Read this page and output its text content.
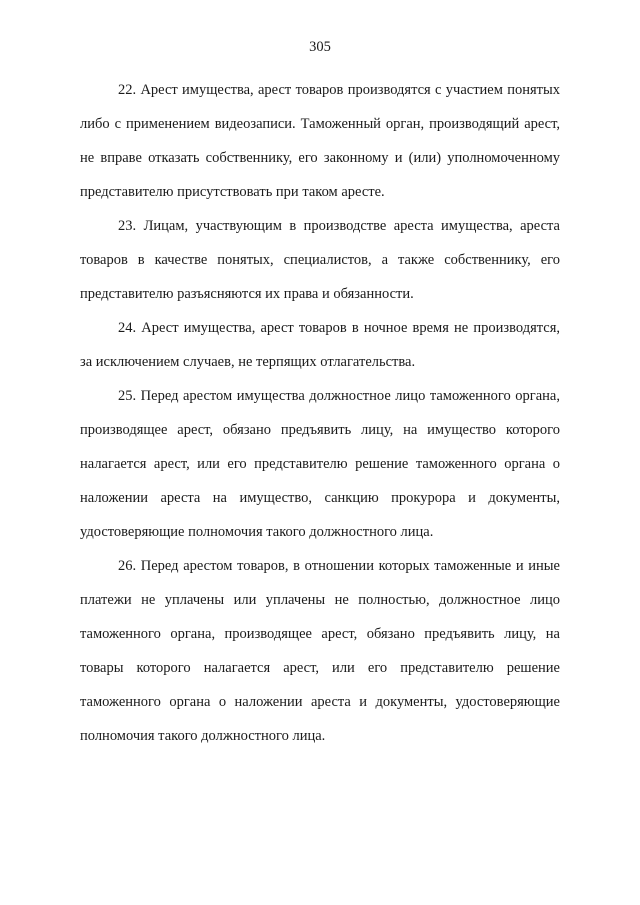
305

22. Арест имущества, арест товаров производятся с участием понятых либо с применением видеозаписи. Таможенный орган, производящий арест, не вправе отказать собственнику, его законному и (или) уполномоченному представителю присутствовать при таком аресте.

23. Лицам, участвующим в производстве ареста имущества, ареста товаров в качестве понятых, специалистов, а также собственнику, его представителю разъясняются их права и обязанности.

24. Арест имущества, арест товаров в ночное время не производятся, за исключением случаев, не терпящих отлагательства.

25. Перед арестом имущества должностное лицо таможенного органа, производящее арест, обязано предъявить лицу, на имущество которого налагается арест, или его представителю решение таможенного органа о наложении ареста на имущество, санкцию прокурора и документы, удостоверяющие полномочия такого должностного лица.

26. Перед арестом товаров, в отношении которых таможенные и иные платежи не уплачены или уплачены не полностью, должностное лицо таможенного органа, производящее арест, обязано предъявить лицу, на товары которого налагается арест, или его представителю решение таможенного органа о наложении ареста и документы, удостоверяющие полномочия такого должностного лица.
